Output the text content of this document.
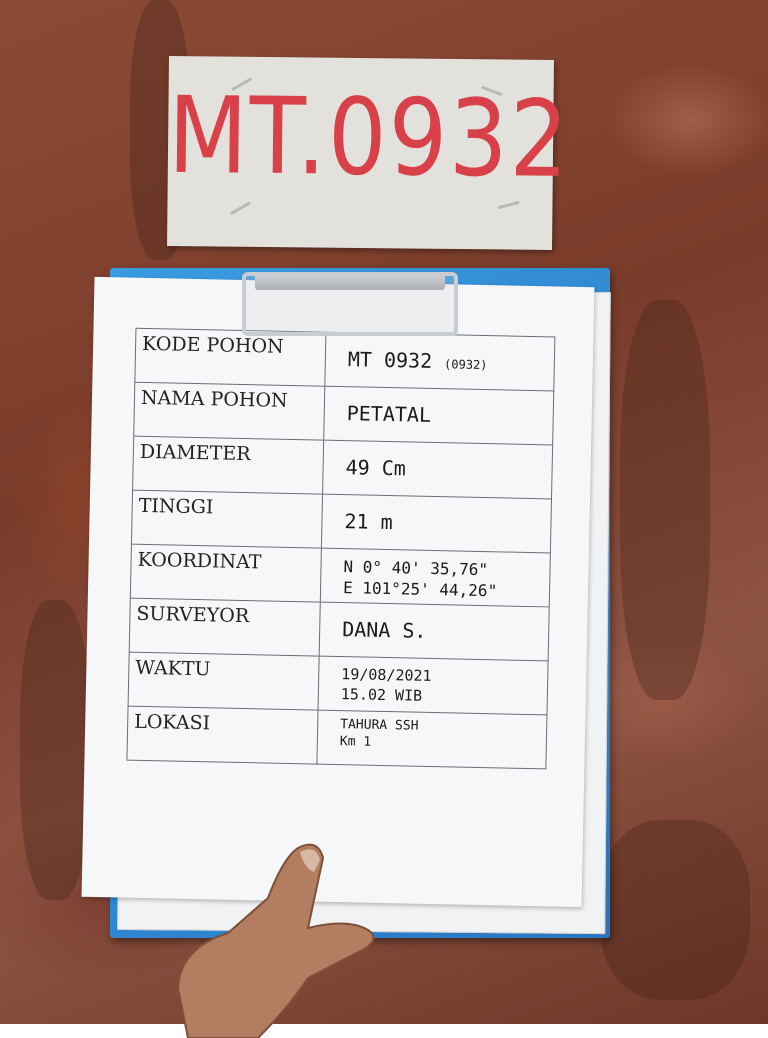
MT.0932
KODE POHON	MT 0932 (0932)
NAMA POHON	PETATAL
DIAMETER	49 Cm
TINGGI	21 m
KOORDINAT	N 0° 40' 35,76"
E 101°25' 44,26"

SURVEYOR	DANA S.
WAKTU	19/08/2021
15.02 WIB

LOKASI	TAHURA SSH
Km 1
